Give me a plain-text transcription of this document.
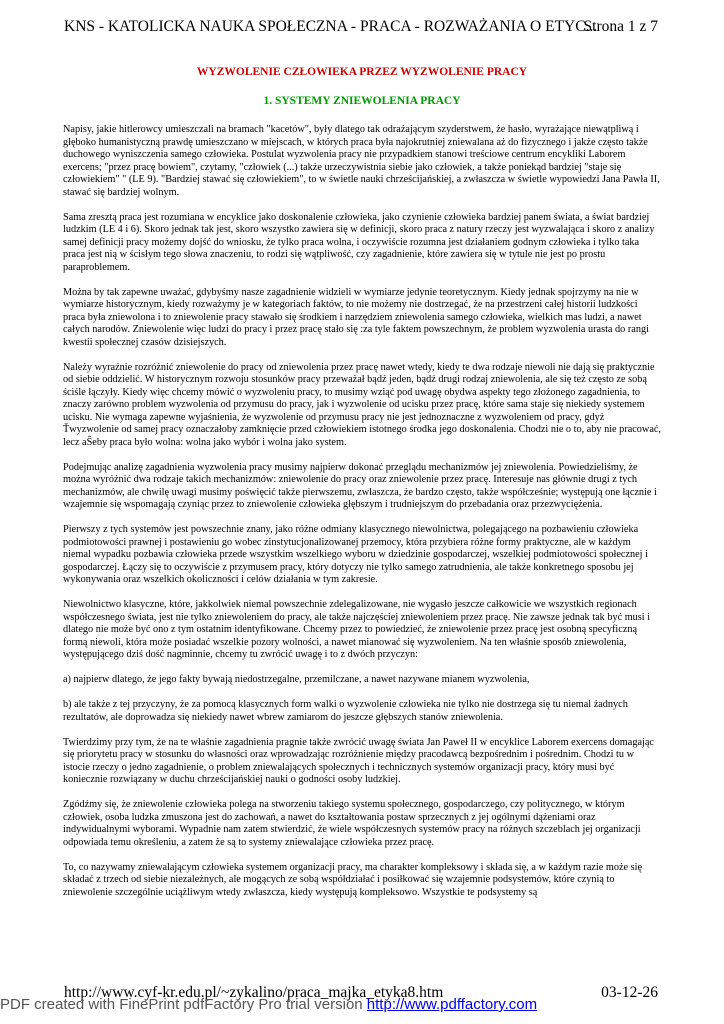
KNS - KATOLICKA NAUKA SPOŁECZNA - PRACA - ROZWAŻANIA O ETYC...
Strona 1 z 7
WYZWOLENIE CZŁOWIEKA PRZEZ WYZWOLENIE PRACY
1. SYSTEMY ZNIEWOLENIA PRACY

Napisy, jakie hitlerowcy umieszczali na bramach "kacetów", były dlatego tak odrażającym szyderstwem, że hasło, wyrażające niewątpliwą i głęboko humanistyczną prawdę umieszczano w miejscach, w których praca była najokrutniej zniewalana aż do fizycznego i jakże często także duchowego wyniszczenia samego człowieka. Postulat wyzwolenia pracy nie przypadkiem stanowi treściowe centrum encykliki Laborem exercens; "przez pracę bowiem", czytamy, "człowiek (...) także urzeczywistnia siebie jako człowiek, a także poniekąd bardziej "staje się człowiekiem" " (LE 9). "Bardziej stawać się człowiekiem", to w świetle nauki chrześcijańskiej, a zwłaszcza w świetle wypowiedzi Jana Pawła II, stawać się bardziej wolnym.

Sama zresztą praca jest rozumiana w encyklice jako doskonalenie człowieka, jako czynienie człowieka bardziej panem świata, a świat bardziej ludzkim (LE 4 i 6). Skoro jednak tak jest, skoro wszystko zawiera się w definicji, skoro praca z natury rzeczy jest wyzwalająca i skoro z analizy samej definicji pracy możemy dojść do wniosku, że tylko praca wolna, i oczywiście rozumna jest działaniem godnym człowieka i tylko taka praca jest nią w ścisłym tego słowa znaczeniu, to rodzi się wątpliwość, czy zagadnienie, które zawiera się w tytule nie jest po prostu paraproblemem.

Można by tak zapewne uważać, gdybyśmy nasze zagadnienie widzieli w wymiarze jedynie teoretycznym. Kiedy jednak spojrzymy na nie w wymiarze historycznym, kiedy rozważymy je w kategoriach faktów, to nie możemy nie dostrzegać, że na przestrzeni całej historii ludzkości praca była zniewolona i to zniewolenie pracy stawało się środkiem i narzędziem zniewolenia samego człowieka, wielkich mas ludzi, a nawet całych narodów. Zniewolenie więc ludzi do pracy i przez pracę stało się :za tyle faktem powszechnym, że problem wyzwolenia urasta do rangi kwestii społecznej czasów dzisiejszych.

Należy wyraźnie rozróżnić zniewolenie do pracy od zniewolenia przez pracę nawet wtedy, kiedy te dwa rodzaje niewoli nie dają się praktycznie od siebie oddzielić. W historycznym rozwoju stosunków pracy przeważał bądź jeden, bądź drugi rodzaj zniewolenia, ale się też często ze sobą ściśle łączyły. Kiedy więc chcemy mówić o wyzwoleniu pracy, to musimy wziąć pod uwagę obydwa aspekty tego złożonego zagadnienia, to znaczy zarówno problem wyzwolenia od przymusu do pracy, jak i wyzwolenie od ucisku przez pracę, które sama staje się niekiedy systemem ucisku. Nie wymaga zapewne wyjaśnienia, że wyzwolenie od przymusu pracy nie jest jednoznaczne z wyzwoleniem od pracy, gdyż Ťwyzwolenie od samej pracy oznaczałoby zamknięcie przed człowiekiem istotnego środka jego doskonalenia. Chodzi nie o to, aby nie pracować, lecz aŜeby praca było wolna: wolna jako wybór i wolna jako system.

Podejmując analizę zagadnienia wyzwolenia pracy musimy najpierw dokonać przeglądu mechanizmów jej zniewolenia. Powiedzieliśmy, że można wyróżnić dwa rodzaje takich mechanizmów: zniewolenie do pracy oraz zniewolenie przez pracę. Interesuje nas głównie drugi z tych mechanizmów, ale chwilę uwagi musimy poświęcić także pierwszemu, zwłaszcza, że bardzo często, także współcześnie; występują one łącznie i wzajemnie się wspomagają czyniąc przez to zniewolenie człowieka głębszym i trudniejszym do przebadania oraz przezwyciężenia.

Pierwszy z tych systemów jest powszechnie znany, jako różne odmiany klasycznego niewolnictwa, polegającego na pozbawieniu człowieka podmiotowości prawnej i postawieniu go wobec zinstytucjonalizowanej przemocy, która przybiera różne formy praktyczne, ale w każdym niemal wypadku pozbawia człowieka przede wszystkim wszelkiego wyboru w dziedzinie gospodarczej, wszelkiej podmiotowości społecznej i gospodarczej. Łączy się to oczywiście z przymusem pracy, który dotyczy nie tylko samego zatrudnienia, ale także konkretnego sposobu jej wykonywania oraz wszelkich okoliczności i celów działania w tym zakresie.

Niewolnictwo klasyczne, które, jakkolwiek niemal powszechnie zdelegalizowane, nie wygasło jeszcze całkowicie we wszystkich regionach współczesnego świata, jest nie tylko zniewoleniem do pracy, ale także najczęściej zniewoleniem przez pracę. Nie zawsze jednak tak być musi i dlatego nie może być ono z tym ostatnim identyfikowane. Chcemy przez to powiedzieć, że zniewolenie przez pracę jest osobną specyficzną formą niewoli, która może posiadać wszelkie pozory wolności, a nawet mianować się wyzwoleniem. Na ten właśnie sposób zniewolenia, występującego dziś dość nagminnie, chcemy tu zwrócić uwagę i to z dwóch przyczyn:

a) najpierw dlatego, że jego fakty bywają niedostrzegalne, przemilczane, a nawet nazywane mianem wyzwolenia,

b) ale także z tej przyczyny, że za pomocą klasycznych form walki o wyzwolenie człowieka nie tylko nie dostrzega się tu niemal żadnych rezultatów, ale doprowadza się niekiedy nawet wbrew zamiarom do jeszcze głębszych stanów zniewolenia.

Twierdzimy przy tym, że na te właśnie zagadnienia pragnie także zwrócić uwagę świata Jan Paweł II w encyklice Laborem exercens domagając się priorytetu pracy w stosunku do własności oraz wprowadzając rozróżnienie między pracodawcą bezpośrednim i pośrednim. Chodzi tu w istocie rzeczy o jedno zagadnienie, o problem zniewalających społecznych i technicznych systemów organizacji pracy, który musi być koniecznie rozwiązany w duchu chrześcijańskiej nauki o godności osoby ludzkiej.

Zgódźmy się, że zniewolenie człowieka polega na stworzeniu takiego systemu społecznego, gospodarczego, czy politycznego, w którym człowiek, osoba ludzka zmuszona jest do zachowań, a nawet do kształtowania postaw sprzecznych z jej ogólnymi dążeniami oraz indywidualnymi wyborami. Wypadnie nam zatem stwierdzić, że wiele współczesnych systemów pracy na różnych szczeblach jej organizacji odpowiada temu określeniu, a zatem że są to systemy zniewalające człowieka przez pracę.

To, co nazywamy zniewalającym człowieka systemem organizacji pracy, ma charakter kompleksowy i składa się, a w każdym razie może się składać z trzech od siebie niezależnych, ale mogących ze sobą współdziałać i posiłkować się wzajemnie podsystemów, które czynią to zniewolenie szczególnie uciążliwym wtedy zwłaszcza, kiedy występują kompleksowo. Wszystkie te podsystemy są

http://www.cyf-kr.edu.pl/~zykalino/praca_majka_etyka8.htm	03-12-26
PDF created with FinePrint pdfFactory Pro trial version http://www.pdffactory.com
